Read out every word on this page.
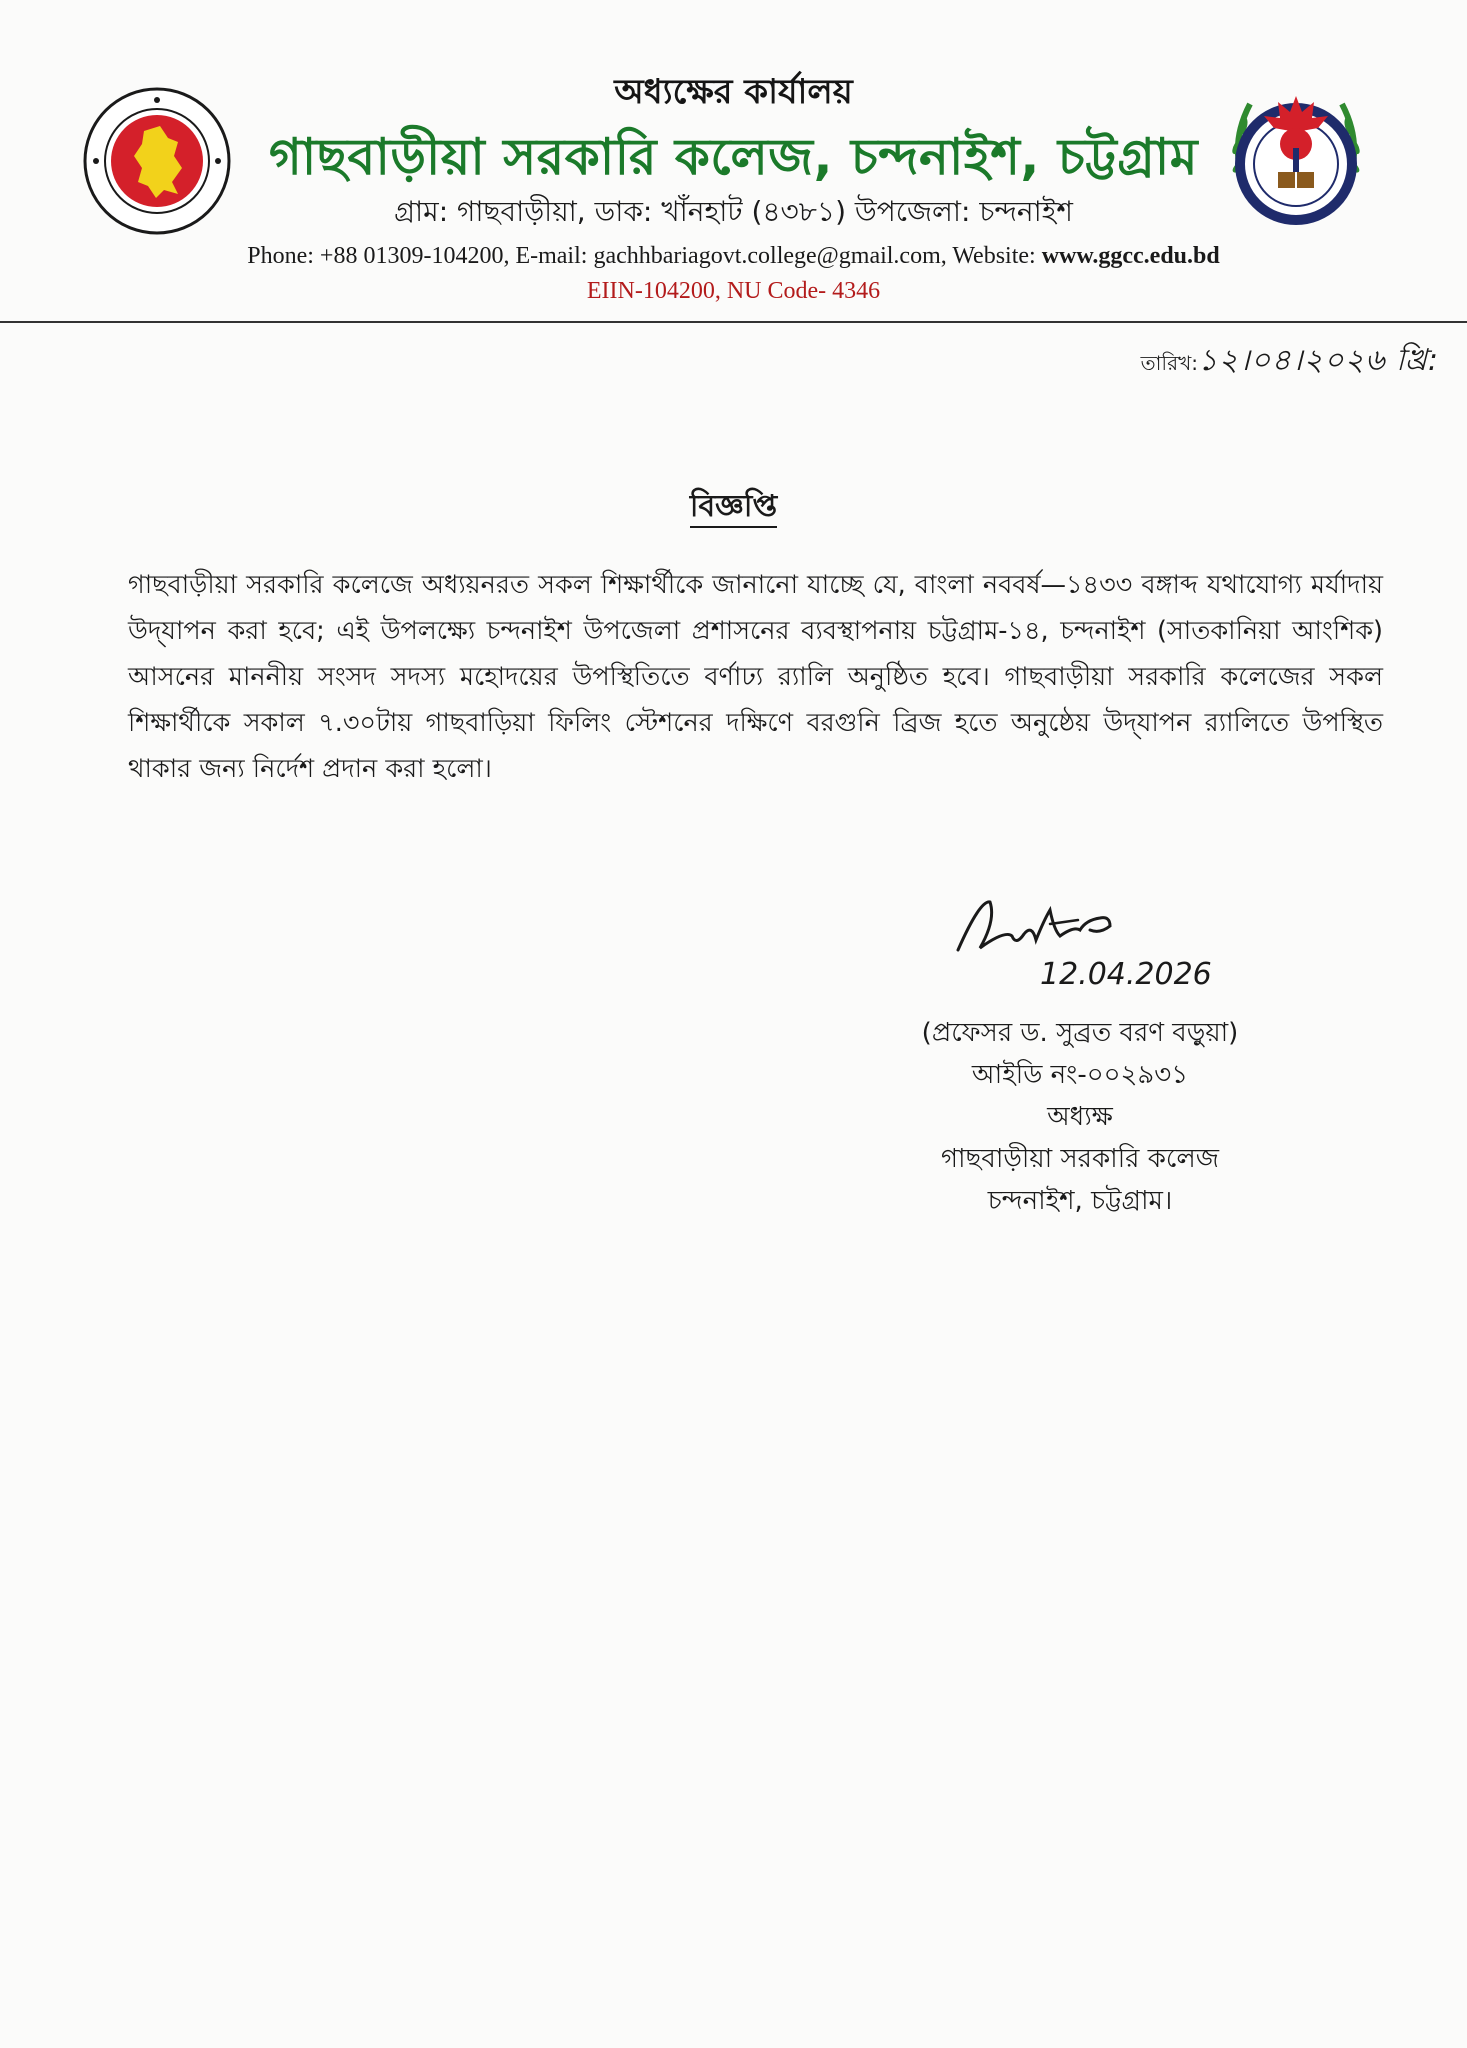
অধ্যক্ষের কার্যালয়
গাছবাড়ীয়া সরকারি কলেজ, চন্দনাইশ, চট্টগ্রাম
গ্রাম: গাছবাড়ীয়া, ডাক: খাঁনহাট (৪৩৮১) উপজেলা: চন্দনাইশ
Phone: +88 01309-104200, E-mail: gachhbariagovt.college@gmail.com, Website: www.ggcc.edu.bd
EIIN-104200, NU Code- 4346
তারিখ:১২।০৪।২০২৬ খ্রি:
বিজ্ঞপ্তি
গাছবাড়ীয়া সরকারি কলেজে অধ্যয়নরত সকল শিক্ষার্থীকে জানানো যাচ্ছে যে, বাংলা নববর্ষ—১৪৩৩ বঙ্গাব্দ যথাযোগ্য মর্যাদায় উদ্‌যাপন করা হবে; এই উপলক্ষ্যে চন্দনাইশ উপজেলা প্রশাসনের ব্যবস্থাপনায় চট্টগ্রাম-১৪, চন্দনাইশ (সাতকানিয়া আংশিক) আসনের মাননীয় সংসদ সদস্য মহোদয়ের উপস্থিতিতে বর্ণাঢ্য র‍্যালি অনুষ্ঠিত হবে। গাছবাড়ীয়া সরকারি কলেজের সকল শিক্ষার্থীকে সকাল ৭.৩০টায় গাছবাড়িয়া ফিলিং স্টেশনের দক্ষিণে বরগুনি ব্রিজ হতে অনুষ্ঠেয় উদ্‌যাপন র‍্যালিতে উপস্থিত থাকার জন্য নির্দেশ প্রদান করা হলো।
12.04.2026
(প্রফেসর ড. সুব্রত বরণ বড়ুয়া)
আইডি নং-০০২৯৩১
অধ্যক্ষ
গাছবাড়ীয়া সরকারি কলেজ
চন্দনাইশ, চট্টগ্রাম।
